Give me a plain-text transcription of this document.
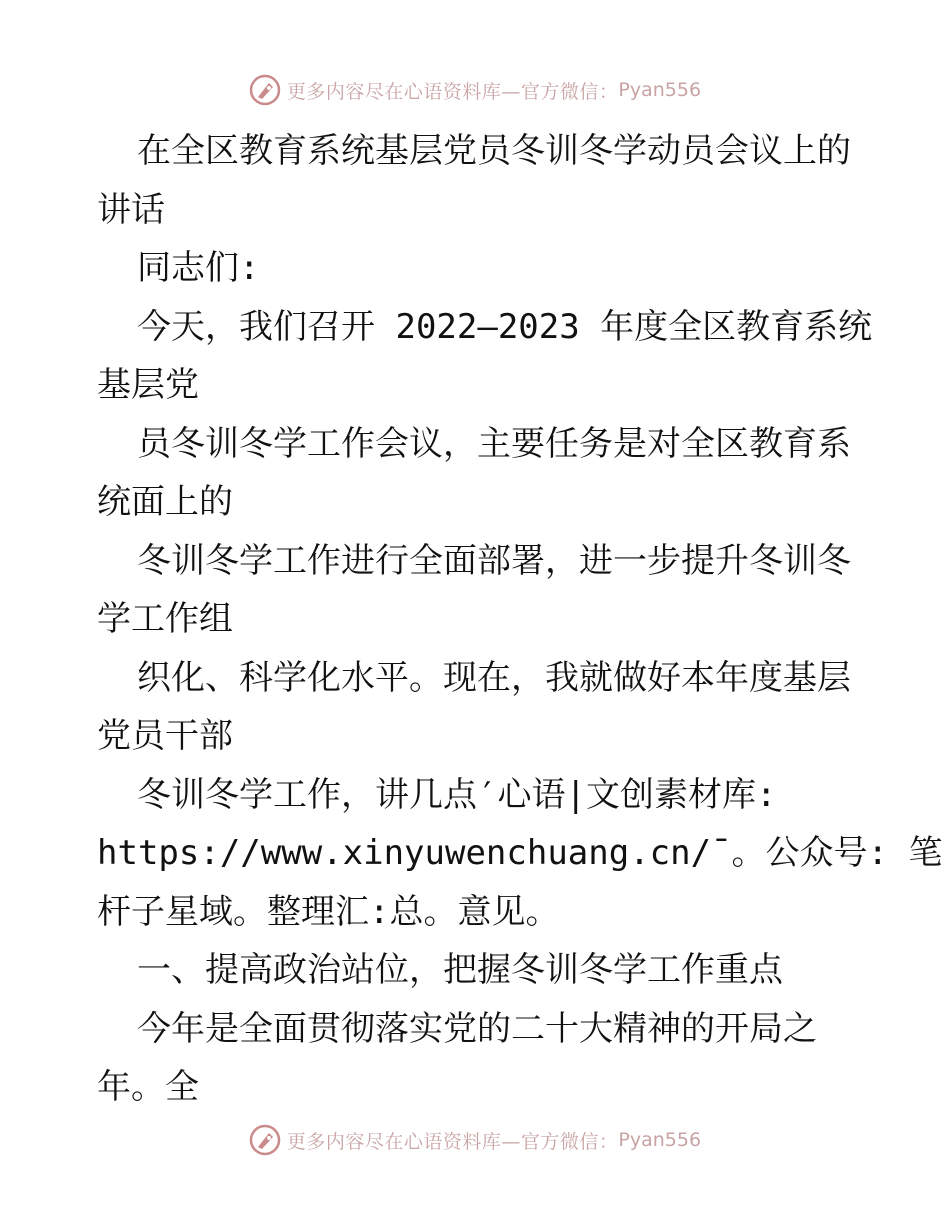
更多内容尽在心语资料库—官方微信： Pyan556
在全区教育系统基层党员冬训冬学动员会议上的
讲话
同志们:
今天，我们召开 2022—2023 年度全区教育系统
基层党
员冬训冬学工作会议，主要任务是对全区教育系
统面上的
冬训冬学工作进行全面部署，进一步提升冬训冬
学工作组
织化、科学化水平。现在，我就做好本年度基层
党员干部
冬训冬学工作，讲几点′心语|文创素材库:
https://www.xinyuwenchuang.cn/¯。公众号: 笔
杆子星域。整理汇:总。意见。
一、提高政治站位，把握冬训冬学工作重点
今年是全面贯彻落实党的二十大精神的开局之
年。全
更多内容尽在心语资料库—官方微信： Pyan556
